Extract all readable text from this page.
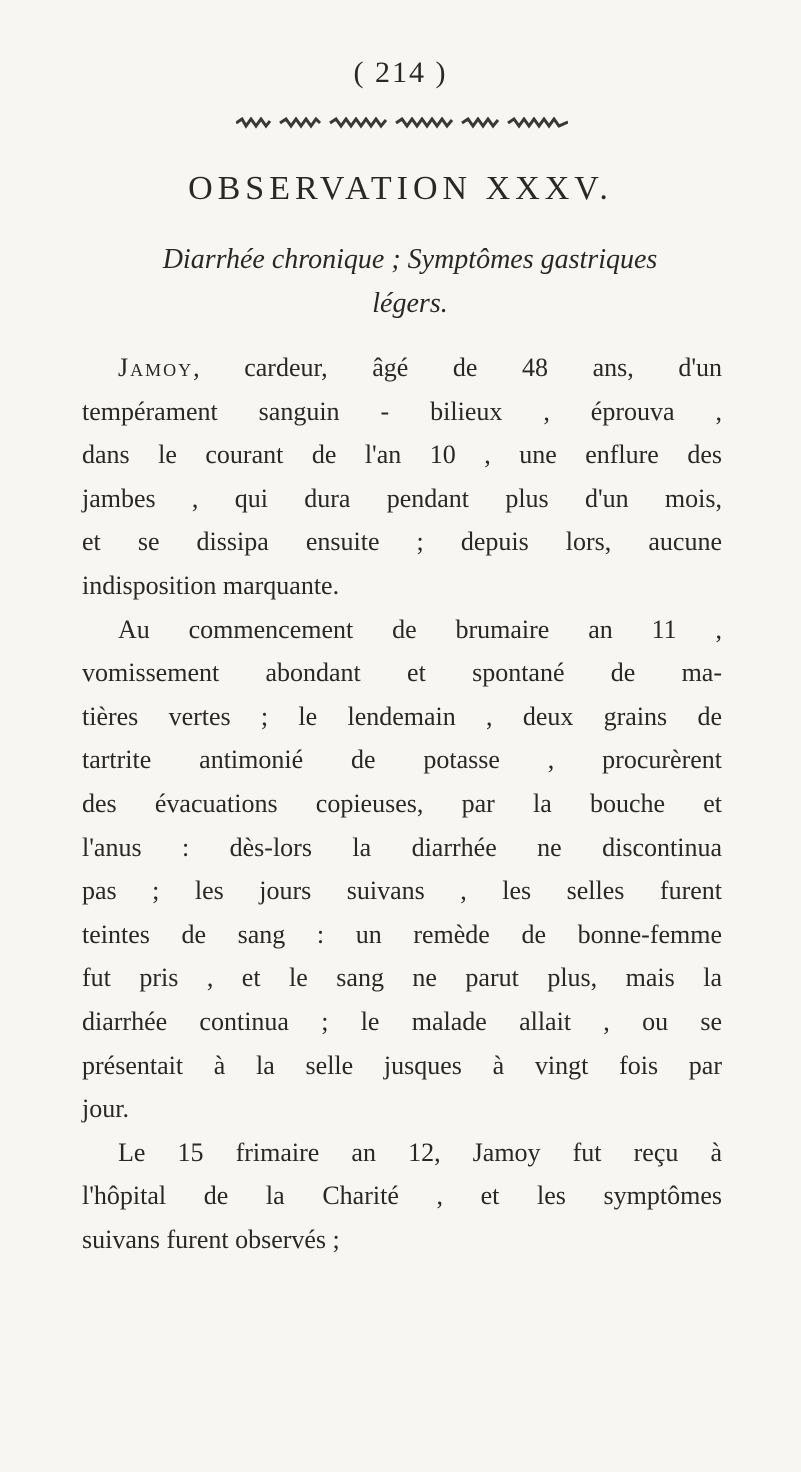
( 214 )
OBSERVATION XXXV.
Diarrhée chronique ; Symptômes gastriques
légers.
Jamoy, cardeur, âgé de 48 ans, d'un
tempérament sanguin - bilieux , éprouva ,
dans le courant de l'an 10 , une enflure des
jambes , qui dura pendant plus d'un mois,
et se dissipa ensuite ; depuis lors, aucune
indisposition marquante.
Au commencement de brumaire an 11 ,
vomissement abondant et spontané de ma-
tières vertes ; le lendemain , deux grains de
tartrite antimonié de potasse , procurèrent
des évacuations copieuses, par la bouche et
l'anus : dès-lors la diarrhée ne discontinua
pas ; les jours suivans , les selles furent
teintes de sang : un remède de bonne-femme
fut pris , et le sang ne parut plus, mais la
diarrhée continua ; le malade allait , ou se
présentait à la selle jusques à vingt fois par
jour.
Le 15 frimaire an 12, Jamoy fut reçu à
l'hôpital de la Charité , et les symptômes
suivans furent observés ;
